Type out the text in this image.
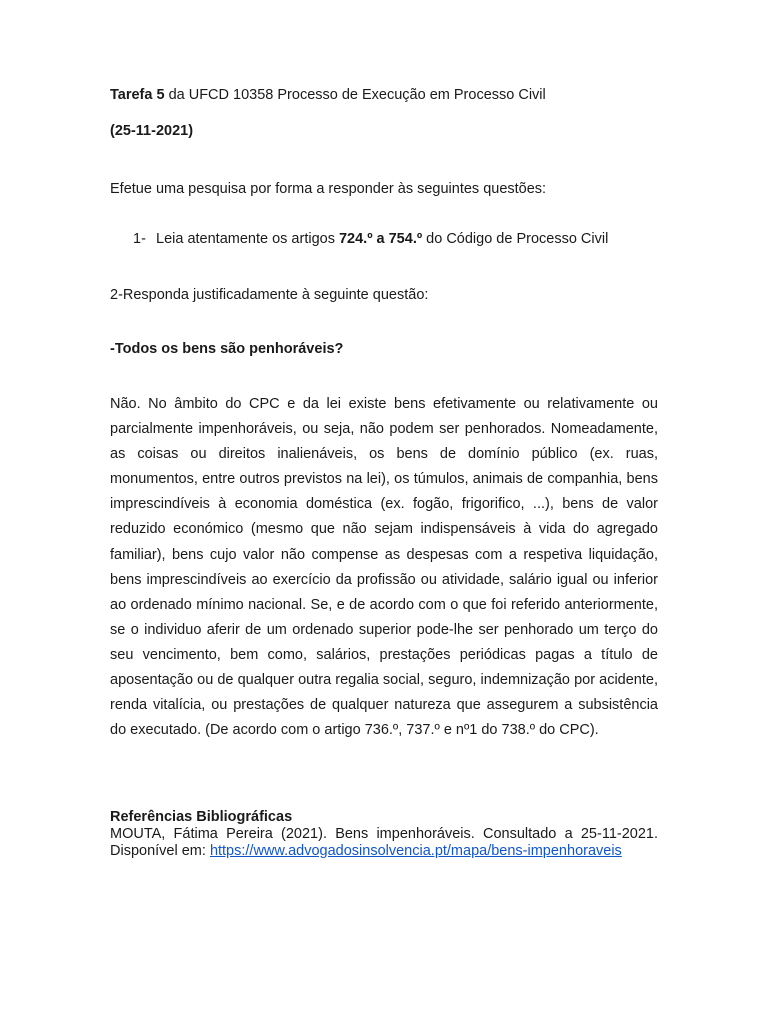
Tarefa 5 da UFCD 10358 Processo de Execução em Processo Civil

(25-11-2021)

Efetue uma pesquisa por forma a responder às seguintes questões:

1- Leia atentamente os artigos 724.º a 754.º do Código de Processo Civil

2-Responda justificadamente à seguinte questão:

-Todos os bens são penhoráveis?

Não. No âmbito do CPC e da lei existe bens efetivamente ou relativamente ou parcialmente impenhoráveis, ou seja, não podem ser penhorados. Nomeadamente, as coisas ou direitos inalienáveis, os bens de domínio público (ex. ruas, monumentos, entre outros previstos na lei), os túmulos, animais de companhia, bens imprescindíveis à economia doméstica (ex. fogão, frigorifico, ...), bens de valor reduzido económico (mesmo que não sejam indispensáveis à vida do agregado familiar), bens cujo valor não compense as despesas com a respetiva liquidação, bens imprescindíveis ao exercício da profissão ou atividade, salário igual ou inferior ao ordenado mínimo nacional. Se, e de acordo com o que foi referido anteriormente, se o individuo aferir de um ordenado superior pode-lhe ser penhorado um terço do seu vencimento, bem como, salários, prestações periódicas pagas a título de aposentação ou de qualquer outra regalia social, seguro, indemnização por acidente, renda vitalícia, ou prestações de qualquer natureza que assegurem a subsistência do executado. (De acordo com o artigo 736.º, 737.º e nº1 do 738.º do CPC).

Referências Bibliográficas

MOUTA, Fátima Pereira (2021). Bens impenhoráveis. Consultado a 25-11-2021. Disponível em: https://www.advogadosinsolvencia.pt/mapa/bens-impenhoraveis
